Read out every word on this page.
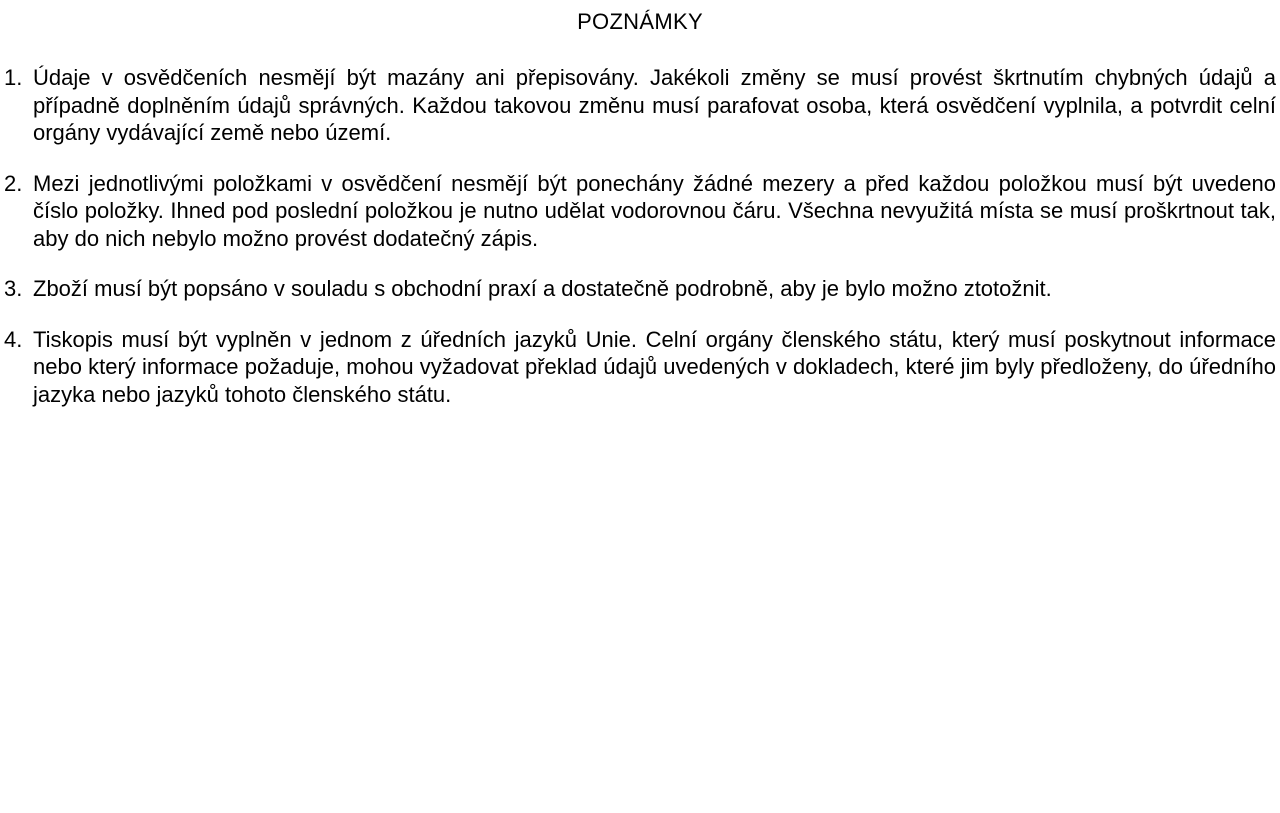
POZNÁMKY
1. Údaje v osvědčeních nesmějí být mazány ani přepisovány. Jakékoli změny se musí provést škrtnutím chybných údajů a případně doplněním údajů správných. Každou takovou změnu musí parafovat osoba, která osvědčení vyplnila, a potvrdit celní orgány vydávající země nebo území.
2. Mezi jednotlivými položkami v osvědčení nesmějí být ponechány žádné mezery a před každou položkou musí být uvedeno číslo položky. Ihned pod poslední položkou je nutno udělat vodorovnou čáru. Všechna nevyužitá místa se musí proškrtnout tak, aby do nich nebylo možno provést dodatečný zápis.
3. Zboží musí být popsáno v souladu s obchodní praxí a dostatečně podrobně, aby je bylo možno ztotožnit.
4. Tiskopis musí být vyplněn v jednom z úředních jazyků Unie. Celní orgány členského státu, který musí poskytnout informace nebo který informace požaduje, mohou vyžadovat překlad údajů uvedených v dokladech, které jim byly předloženy, do úředního jazyka nebo jazyků tohoto členského státu.
